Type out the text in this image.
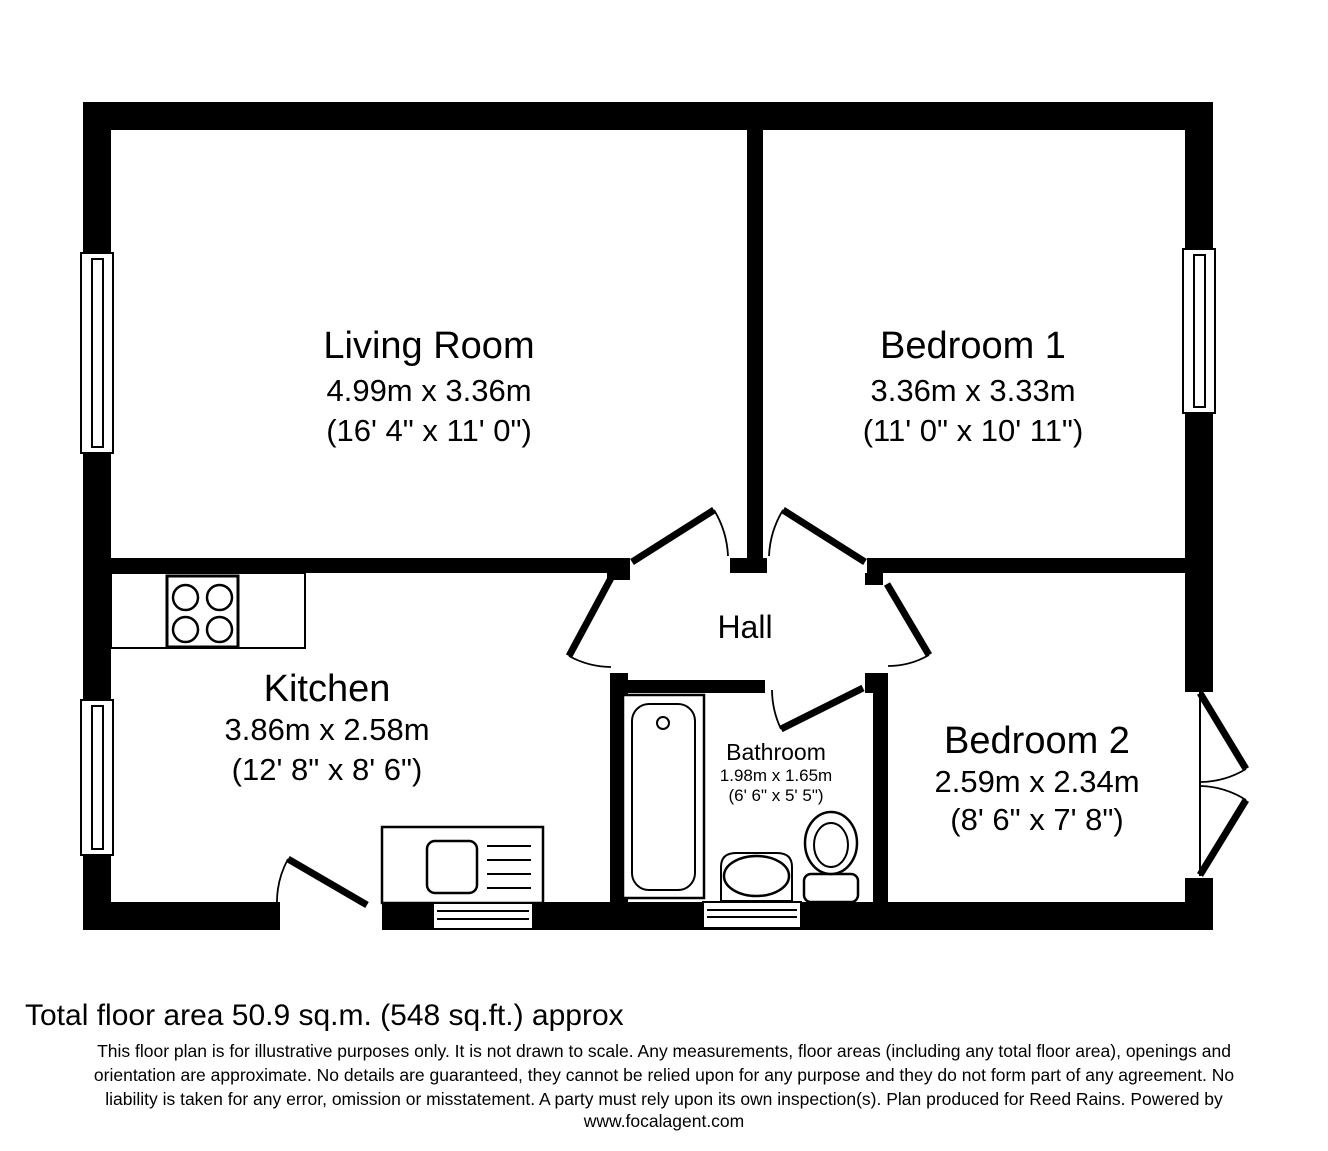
Living Room
4.99m x 3.36m
(16' 4" x 11' 0")
Bedroom 1
3.36m x 3.33m
(11' 0" x 10' 11")
Kitchen
3.86m x 2.58m
(12' 8" x 8' 6")
Hall
Bathroom
1.98m x 1.65m
(6' 6" x 5' 5")
Bedroom 2
2.59m x 2.34m
(8' 6" x 7' 8")
Total floor area 50.9 sq.m. (548 sq.ft.) approx
This floor plan is for illustrative purposes only. It is not drawn to scale. Any measurements, floor areas (including any total floor area), openings and
orientation are approximate. No details are guaranteed, they cannot be relied upon for any purpose and they do not form part of any agreement. No
liability is taken for any error, omission or misstatement. A party must rely upon its own inspection(s). Plan produced for Reed Rains. Powered by
www.focalagent.com
